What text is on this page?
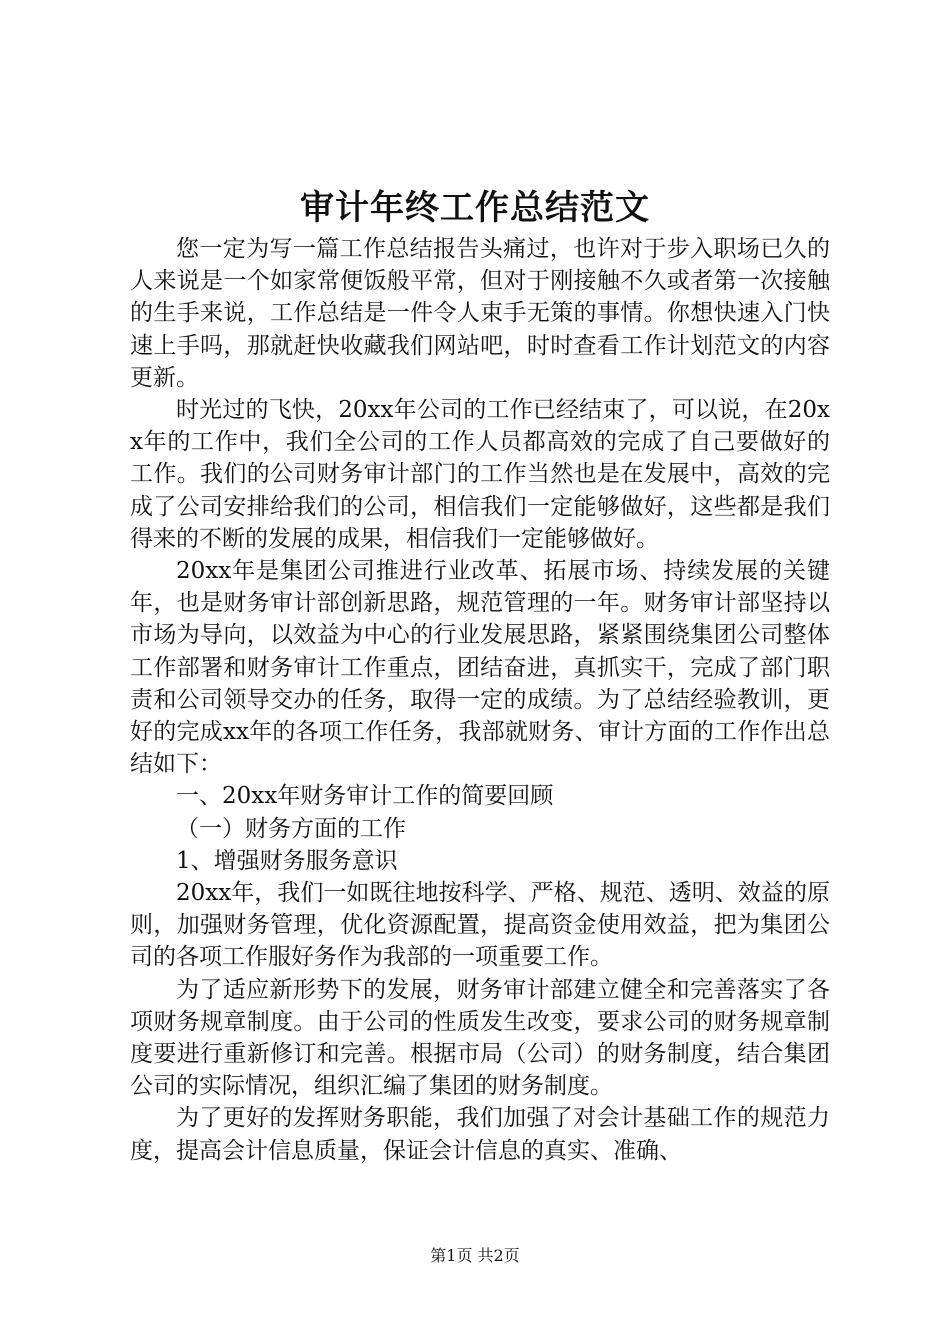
审计年终工作总结范文

您一定为写一篇工作总结报告头痛过，也许对于步入职场已久的人来说是一个如家常便饭般平常，但对于刚接触不久或者第一次接触的生手来说，工作总结是一件令人束手无策的事情。你想快速入门快速上手吗，那就赶快收藏我们网站吧，时时查看工作计划范文的内容更新。

时光过的飞快，20xx年公司的工作已经结束了，可以说，在20xx年的工作中，我们全公司的工作人员都高效的完成了自己要做好的工作。我们的公司财务审计部门的工作当然也是在发展中，高效的完成了公司安排给我们的公司，相信我们一定能够做好，这些都是我们得来的不断的发展的成果，相信我们一定能够做好。

20xx年是集团公司推进行业改革、拓展市场、持续发展的关键年，也是财务审计部创新思路，规范管理的一年。财务审计部坚持以市场为导向，以效益为中心的行业发展思路，紧紧围绕集团公司整体工作部署和财务审计工作重点，团结奋进，真抓实干，完成了部门职责和公司领导交办的任务，取得一定的成绩。为了总结经验教训，更好的完成xx年的各项工作任务，我部就财务、审计方面的工作作出总结如下：

一、20xx年财务审计工作的简要回顾

（一）财务方面的工作

1、增强财务服务意识

20xx年，我们一如既往地按科学、严格、规范、透明、效益的原则，加强财务管理，优化资源配置，提高资金使用效益，把为集团公司的各项工作服好务作为我部的一项重要工作。

为了适应新形势下的发展，财务审计部建立健全和完善落实了各项财务规章制度。由于公司的性质发生改变，要求公司的财务规章制度要进行重新修订和完善。根据市局（公司）的财务制度，结合集团公司的实际情况，组织汇编了集团的财务制度。

为了更好的发挥财务职能，我们加强了对会计基础工作的规范力度，提高会计信息质量，保证会计信息的真实、准确、

第1页 共2页
